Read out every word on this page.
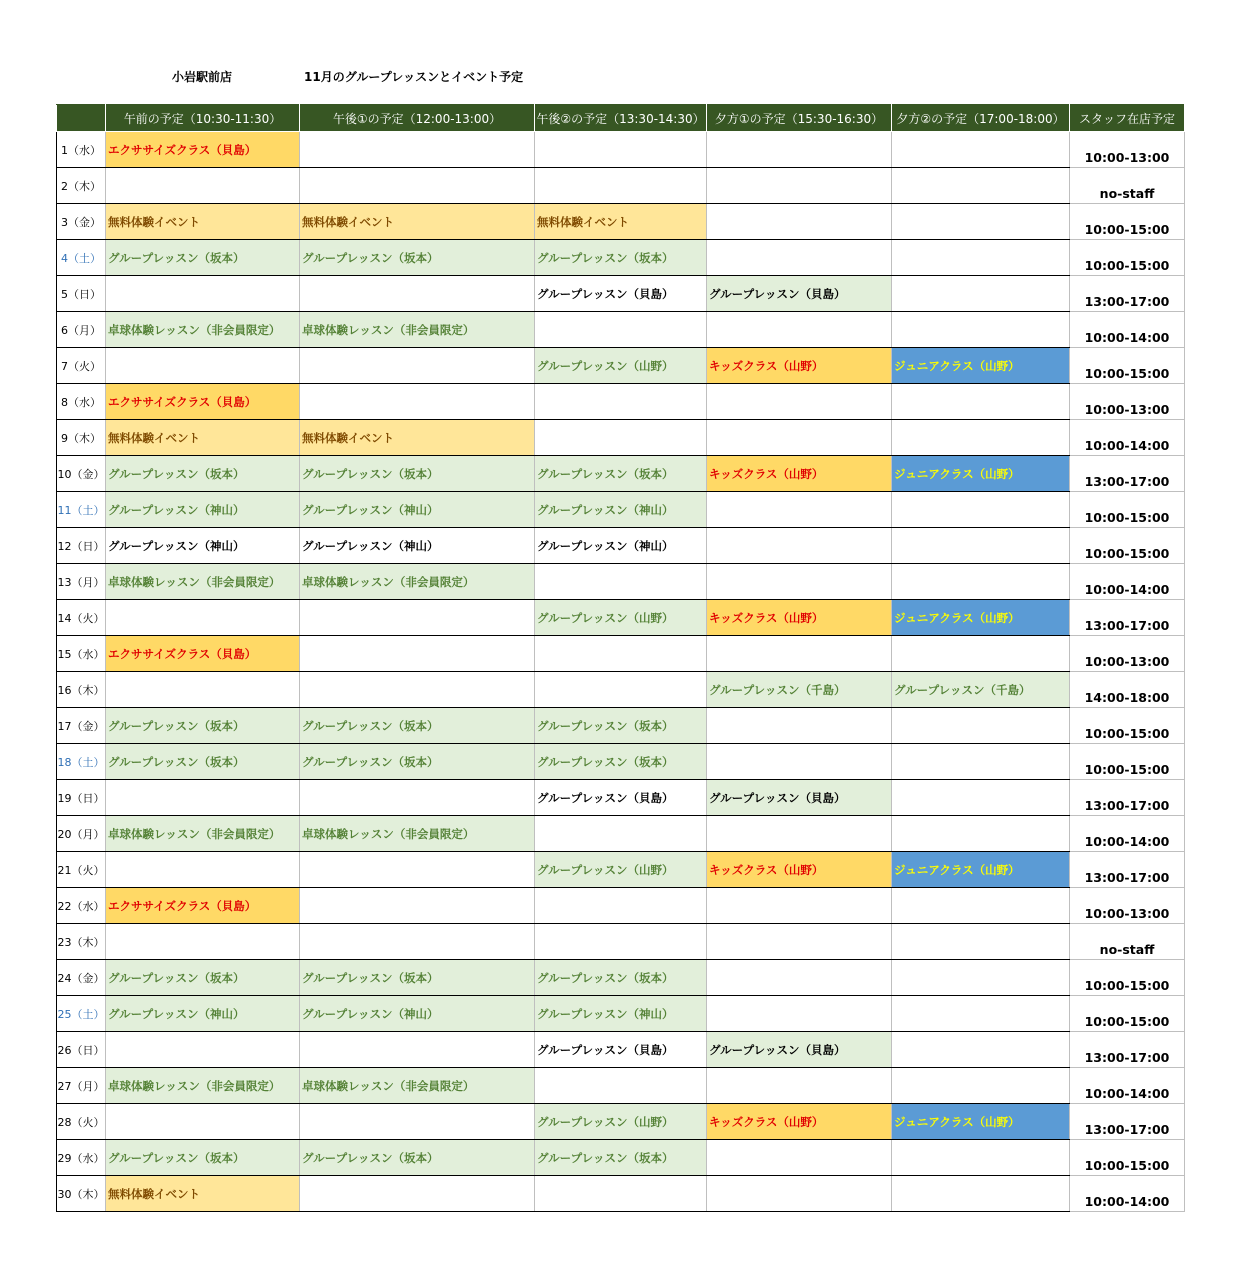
小岩駅前店	11月のグループレッスンとイベント予定
	午前の予定（10:30-11:30）	午後①の予定（12:00-13:00）	午後②の予定（13:30-14:30）	夕方①の予定（15:30-16:30）	夕方②の予定（17:00-18:00）	スタッフ在店予定
1（水）	エクササイズクラス（貝島）					10:00-13:00
2（木）						no-staff
3（金）	無料体験イベント	無料体験イベント	無料体験イベント			10:00-15:00
4（土）	グループレッスン（坂本）	グループレッスン（坂本）	グループレッスン（坂本）			10:00-15:00
5（日）			グループレッスン（貝島）	グループレッスン（貝島）		13:00-17:00
6（月）	卓球体験レッスン（非会員限定）	卓球体験レッスン（非会員限定）				10:00-14:00
7（火）			グループレッスン（山野）	キッズクラス（山野）	ジュニアクラス（山野）	10:00-15:00
8（水）	エクササイズクラス（貝島）					10:00-13:00
9（木）	無料体験イベント	無料体験イベント				10:00-14:00
10（金）	グループレッスン（坂本）	グループレッスン（坂本）	グループレッスン（坂本）	キッズクラス（山野）	ジュニアクラス（山野）	13:00-17:00
11（土）	グループレッスン（神山）	グループレッスン（神山）	グループレッスン（神山）			10:00-15:00
12（日）	グループレッスン（神山）	グループレッスン（神山）	グループレッスン（神山）			10:00-15:00
13（月）	卓球体験レッスン（非会員限定）	卓球体験レッスン（非会員限定）				10:00-14:00
14（火）			グループレッスン（山野）	キッズクラス（山野）	ジュニアクラス（山野）	13:00-17:00
15（水）	エクササイズクラス（貝島）					10:00-13:00
16（木）				グループレッスン（千島）	グループレッスン（千島）	14:00-18:00
17（金）	グループレッスン（坂本）	グループレッスン（坂本）	グループレッスン（坂本）			10:00-15:00
18（土）	グループレッスン（坂本）	グループレッスン（坂本）	グループレッスン（坂本）			10:00-15:00
19（日）			グループレッスン（貝島）	グループレッスン（貝島）		13:00-17:00
20（月）	卓球体験レッスン（非会員限定）	卓球体験レッスン（非会員限定）				10:00-14:00
21（火）			グループレッスン（山野）	キッズクラス（山野）	ジュニアクラス（山野）	13:00-17:00
22（水）	エクササイズクラス（貝島）					10:00-13:00
23（木）						no-staff
24（金）	グループレッスン（坂本）	グループレッスン（坂本）	グループレッスン（坂本）			10:00-15:00
25（土）	グループレッスン（神山）	グループレッスン（神山）	グループレッスン（神山）			10:00-15:00
26（日）			グループレッスン（貝島）	グループレッスン（貝島）		13:00-17:00
27（月）	卓球体験レッスン（非会員限定）	卓球体験レッスン（非会員限定）				10:00-14:00
28（火）			グループレッスン（山野）	キッズクラス（山野）	ジュニアクラス（山野）	13:00-17:00
29（水）	グループレッスン（坂本）	グループレッスン（坂本）	グループレッスン（坂本）			10:00-15:00
30（木）	無料体験イベント					10:00-14:00
